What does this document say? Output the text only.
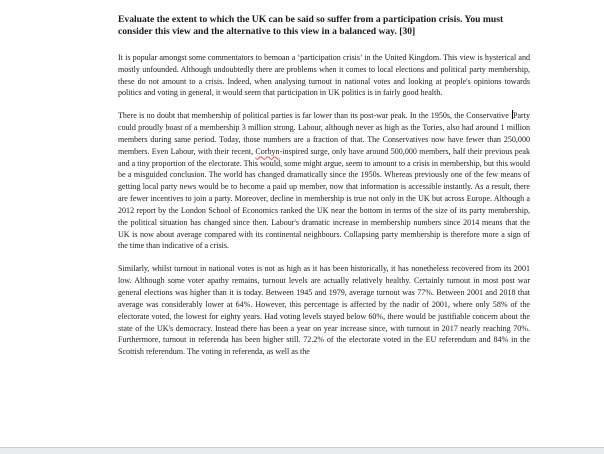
Evaluate the extent to which the UK can be said so suffer from a participation crisis. You must consider this view and the alternative to this view in a balanced way. [30]

It is popular amongst some commentators to bemoan a ‘participation crisis’ in the United Kingdom. This view is hysterical and mostly unfounded. Although undoubtedly there are problems when it comes to local elections and political party membership, these do not amount to a crisis. Indeed, when analysing turnout in national votes and looking at people's opinions towards politics and voting in general, it would seem that participation in UK politics is in fairly good health.

There is no doubt that membership of political parties is far lower than its post-war peak. In the 1950s, the Conservative Party could proudly boast of a membership 3 million strong. Labour, although never as high as the Tories, also had around 1 million members during same period. Today, those numbers are a fraction of that. The Conservatives now have fewer than 250,000 members. Even Labour, with their recent, Corbyn-inspired surge, only have around 500,000 members, half their previous peak and a tiny proportion of the electorate. This would, some might argue, seem to amount to a crisis in membership, but this would be a misguided conclusion. The world has changed dramatically since the 1950s. Whereas previously one of the few means of getting local party news would be to become a paid up member, now that information is accessible instantly. As a result, there are fewer incentives to join a party. Moreover, decline in membership is true not only in the UK but across Europe. Although a 2012 report by the London School of Economics ranked the UK near the bottom in terms of the size of its party membership, the political situation has changed since then. Labour's dramatic increase in membership numbers since 2014 means that the UK is now about average compared with its continental neighbours. Collapsing party membership is therefore more a sign of the time than indicative of a crisis.

Similarly, whilst turnout in national votes is not as high as it has been historically, it has nonetheless recovered from its 2001 low. Although some voter apathy remains, turnout levels are actually relatively healthy. Certainly turnout in most post war general elections was higher than it is today. Between 1945 and 1979, average turnout was 77%. Between 2001 and 2018 that average was considerably lower at 64%. However, this percentage is affected by the nadir of 2001, where only 58% of the electorate voted, the lowest for eighty years. Had voting levels stayed below 60%, there would be justifiable concern about the state of the UK's democracy. Instead there has been a year on year increase since, with turnout in 2017 nearly reaching 70%. Furthermore, turnout in referenda has been higher still. 72.2% of the electorate voted in the EU referendum and 84% in the Scottish referendum. The voting in referenda, as well as the
